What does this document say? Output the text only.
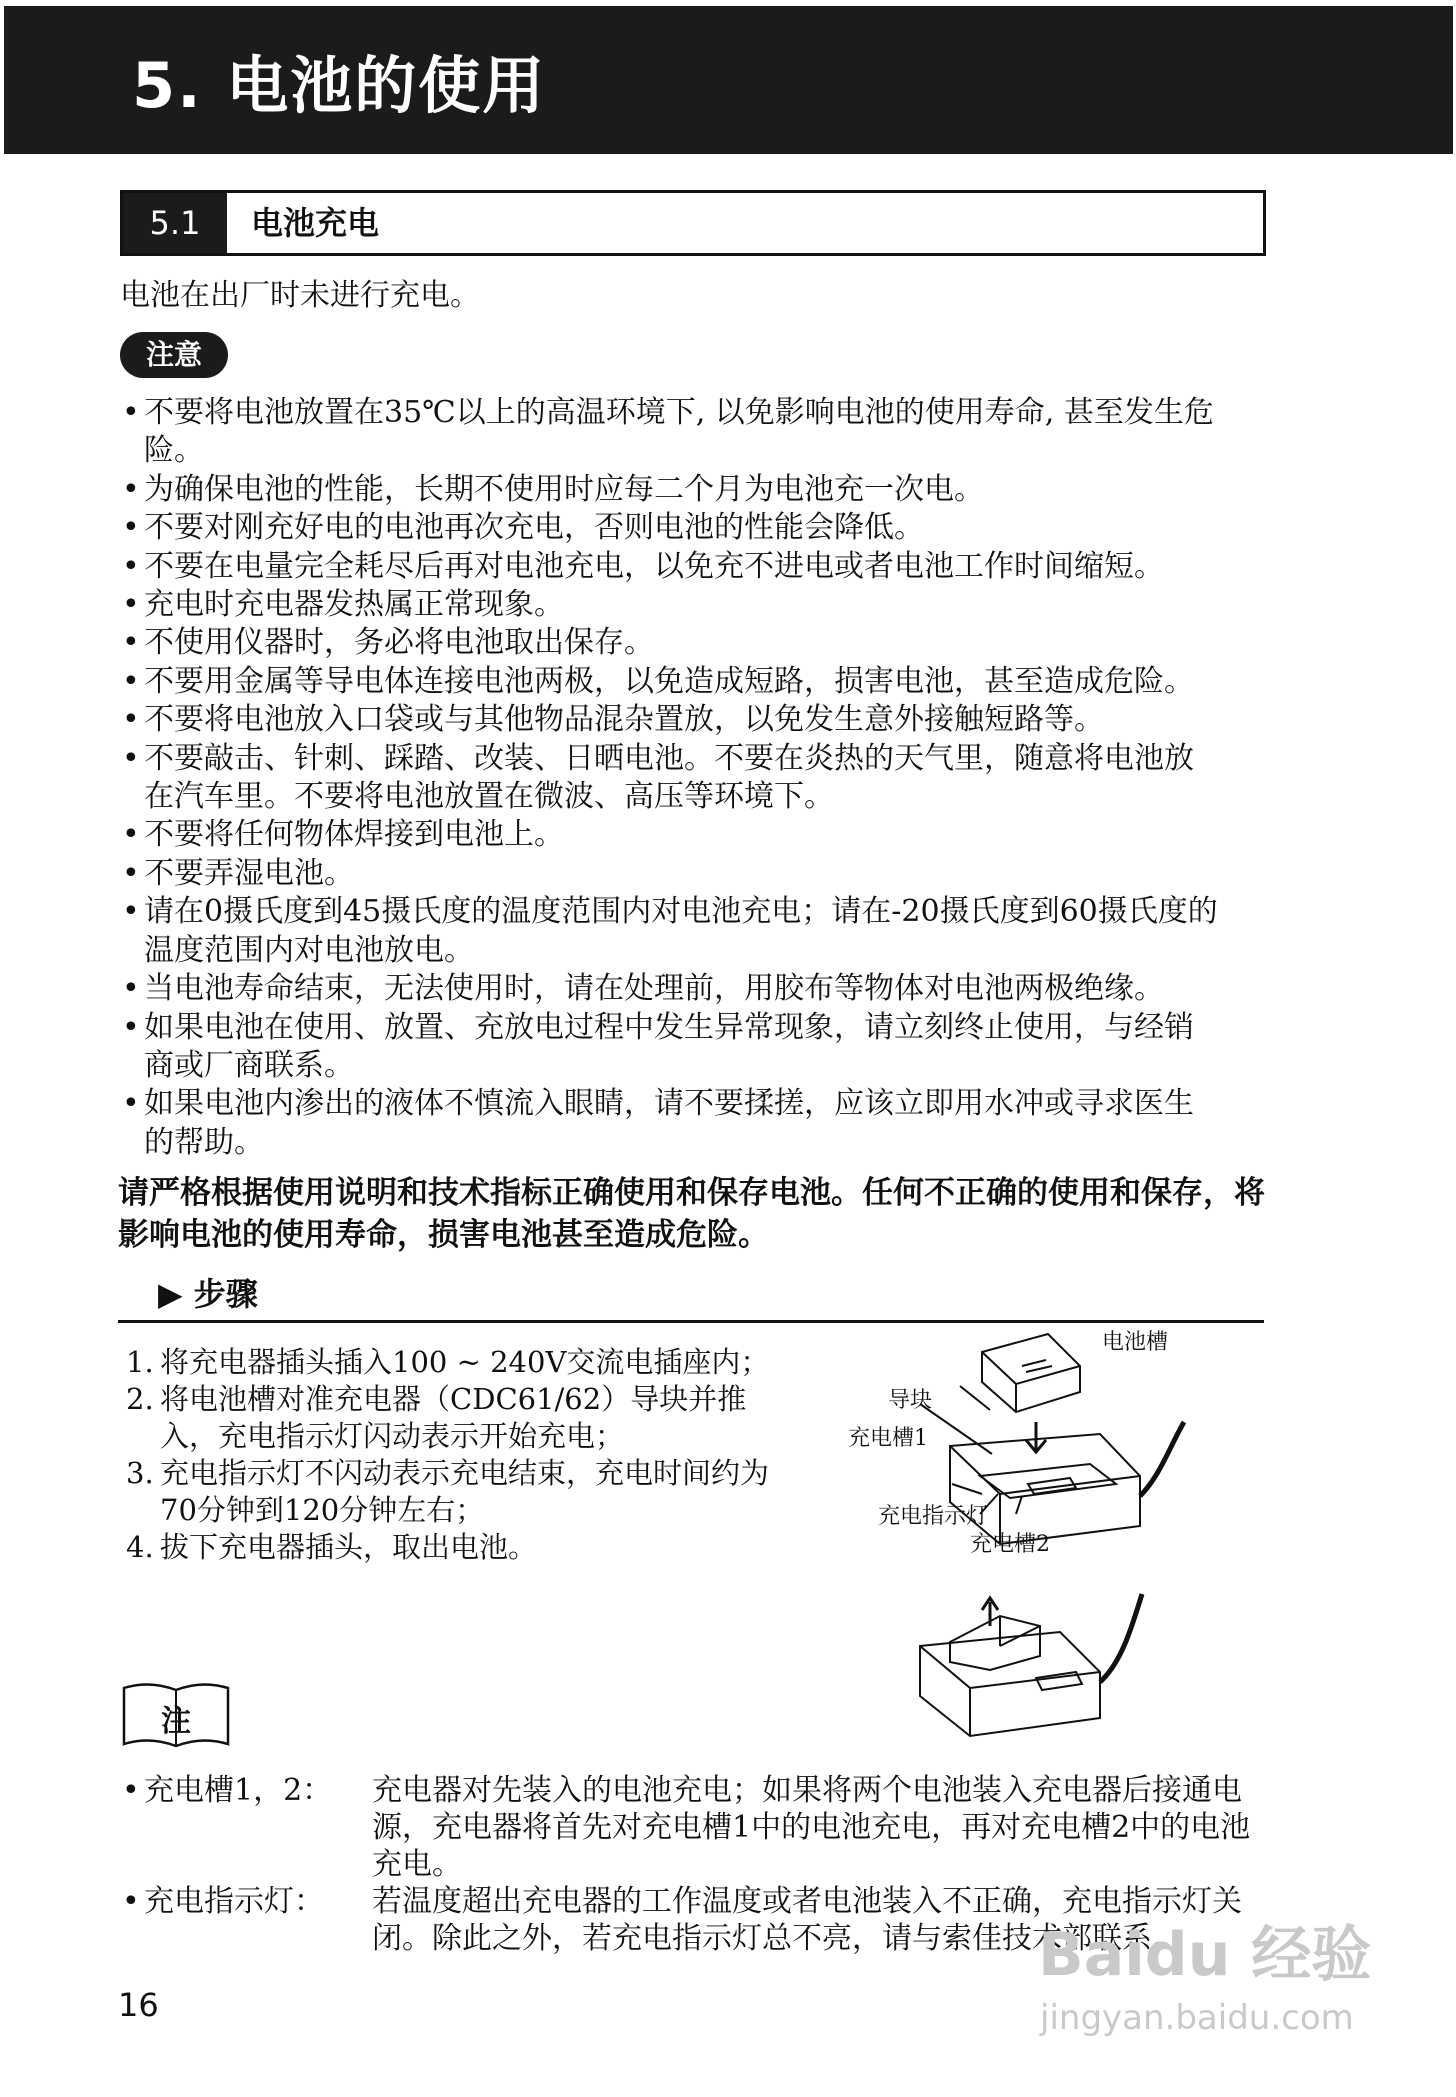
5. 电池的使用
5.1	电池充电
电池在出厂时未进行充电。
注意
• 不要将电池放置在35℃以上的高温环境下, 以免影响电池的使用寿命, 甚至发生危
险。
• 为确保电池的性能，长期不使用时应每二个月为电池充一次电。
• 不要对刚充好电的电池再次充电，否则电池的性能会降低。
• 不要在电量完全耗尽后再对电池充电，以免充不进电或者电池工作时间缩短。
• 充电时充电器发热属正常现象。
• 不使用仪器时，务必将电池取出保存。
• 不要用金属等导电体连接电池两极，以免造成短路，损害电池，甚至造成危险。
• 不要将电池放入口袋或与其他物品混杂置放，以免发生意外接触短路等。
• 不要敲击、针刺、踩踏、改装、日晒电池。不要在炎热的天气里，随意将电池放
在汽车里。不要将电池放置在微波、高压等环境下。
• 不要将任何物体焊接到电池上。
• 不要弄湿电池。
• 请在0摄氏度到45摄氏度的温度范围内对电池充电；请在-20摄氏度到60摄氏度的
温度范围内对电池放电。
• 当电池寿命结束，无法使用时，请在处理前，用胶布等物体对电池两极绝缘。
• 如果电池在使用、放置、充放电过程中发生异常现象，请立刻终止使用，与经销
商或厂商联系。
• 如果电池内渗出的液体不慎流入眼睛，请不要揉搓，应该立即用水冲或寻求医生
的帮助。
请严格根据使用说明和技术指标正确使用和保存电池。任何不正确的使用和保存，将影响电池的使用寿命，损害电池甚至造成危险。
▶ 步骤
1. 将充电器插头插入100 ~ 240V交流电插座内；
2. 将电池槽对准充电器（CDC61/62）导块并推入，充电指示灯闪动表示开始充电；
3. 充电指示灯不闪动表示充电结束，充电时间约为70分钟到120分钟左右；
4. 拔下充电器插头，取出电池。
电池槽
导块
充电槽1
充电指示灯
充电槽2
注
• 充电槽1，2： 充电器对先装入的电池充电；如果将两个电池装入充电器后接通电源，充电器将首先对充电槽1中的电池充电，再对充电槽2中的电池充电。
• 充电指示灯： 若温度超出充电器的工作温度或者电池装入不正确，充电指示灯关闭。除此之外，若充电指示灯总不亮，请与索佳技术部联系。
16
Baidu 经验
jingyan.baidu.com
